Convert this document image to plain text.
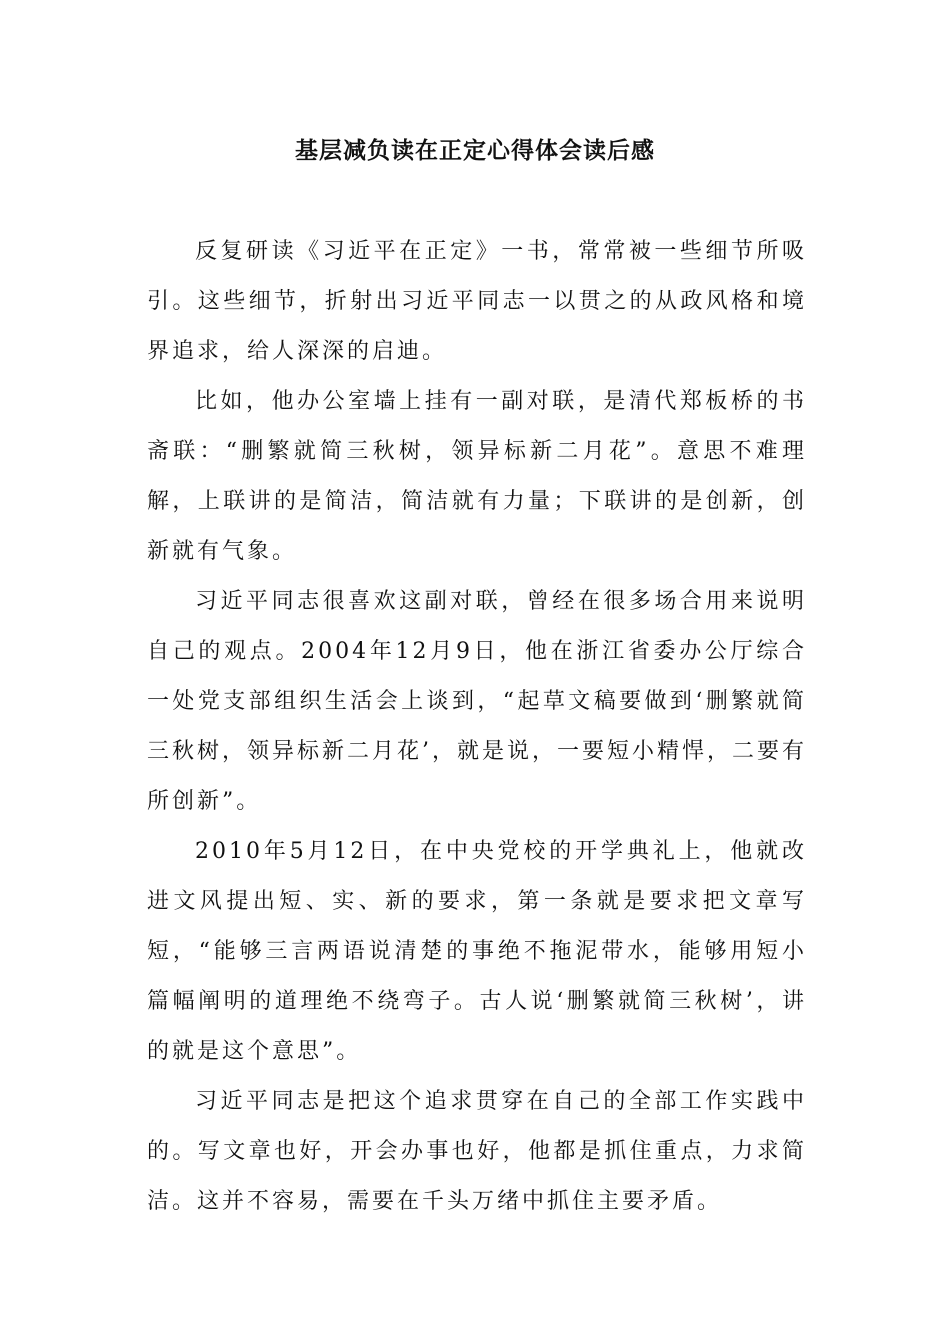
基层减负读在正定心得体会读后感

反复研读《习近平在正定》一书，常常被一些细节所吸引。这些细节，折射出习近平同志一以贯之的从政风格和境界追求，给人深深的启迪。

比如，他办公室墙上挂有一副对联，是清代郑板桥的书斋联：“删繁就简三秋树，领异标新二月花”。意思不难理解，上联讲的是简洁，简洁就有力量；下联讲的是创新，创新就有气象。

习近平同志很喜欢这副对联，曾经在很多场合用来说明自己的观点。2004年12月9日，他在浙江省委办公厅综合一处党支部组织生活会上谈到，“起草文稿要做到‘删繁就简三秋树，领异标新二月花’，就是说，一要短小精悍，二要有所创新”。

2010年5月12日，在中央党校的开学典礼上，他就改进文风提出短、实、新的要求，第一条就是要求把文章写短，“能够三言两语说清楚的事绝不拖泥带水，能够用短小篇幅阐明的道理绝不绕弯子。古人说‘删繁就简三秋树’，讲的就是这个意思”。

习近平同志是把这个追求贯穿在自己的全部工作实践中的。写文章也好，开会办事也好，他都是抓住重点，力求简洁。这并不容易，需要在千头万绪中抓住主要矛盾。
